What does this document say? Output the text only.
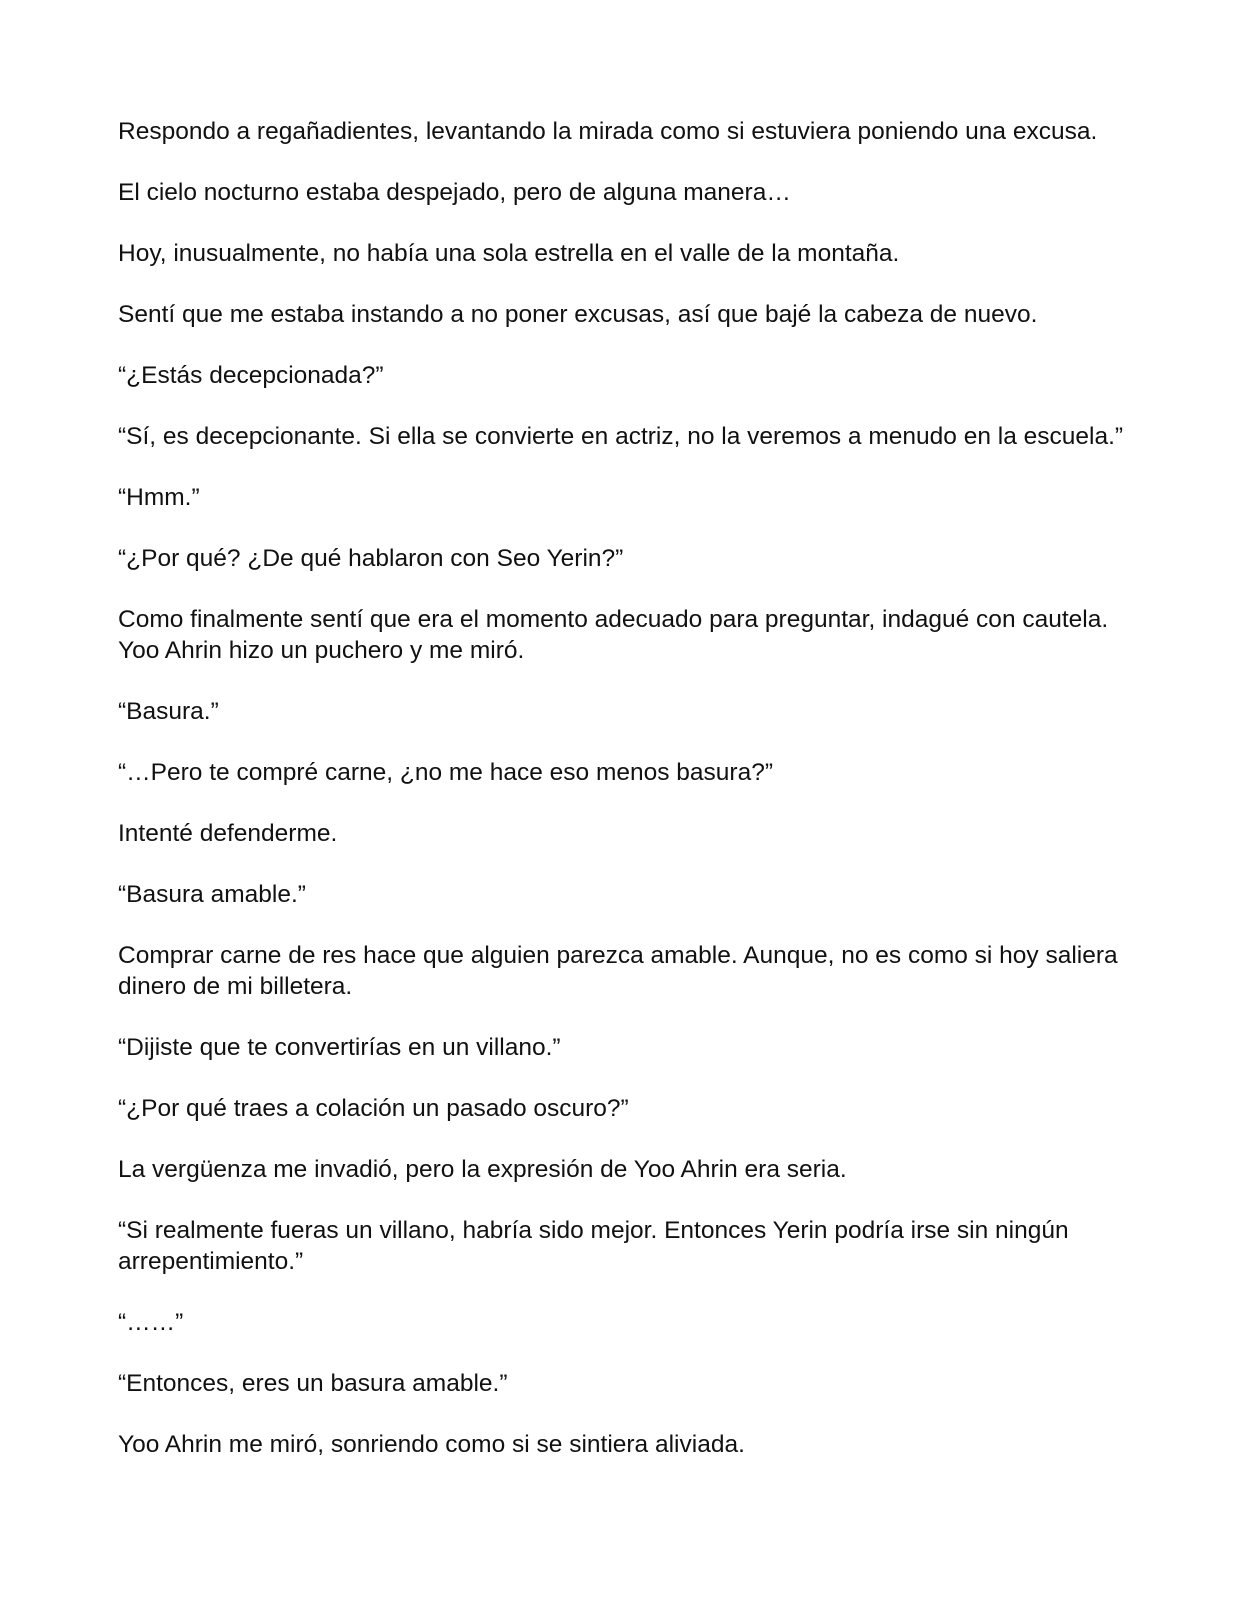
Respondo a regañadientes, levantando la mirada como si estuviera poniendo una excusa.

El cielo nocturno estaba despejado, pero de alguna manera…

Hoy, inusualmente, no había una sola estrella en el valle de la montaña.

Sentí que me estaba instando a no poner excusas, así que bajé la cabeza de nuevo.

“¿Estás decepcionada?”

“Sí, es decepcionante. Si ella se convierte en actriz, no la veremos a menudo en la escuela.”

“Hmm.”

“¿Por qué? ¿De qué hablaron con Seo Yerin?”

Como finalmente sentí que era el momento adecuado para preguntar, indagué con cautela. Yoo Ahrin hizo un puchero y me miró.

“Basura.”

“…Pero te compré carne, ¿no me hace eso menos basura?”

Intenté defenderme.

“Basura amable.”

Comprar carne de res hace que alguien parezca amable. Aunque, no es como si hoy saliera dinero de mi billetera.

“Dijiste que te convertirías en un villano.”

“¿Por qué traes a colación un pasado oscuro?”

La vergüenza me invadió, pero la expresión de Yoo Ahrin era seria.

“Si realmente fueras un villano, habría sido mejor. Entonces Yerin podría irse sin ningún arrepentimiento.”

“……”

“Entonces, eres un basura amable.”

Yoo Ahrin me miró, sonriendo como si se sintiera aliviada.
